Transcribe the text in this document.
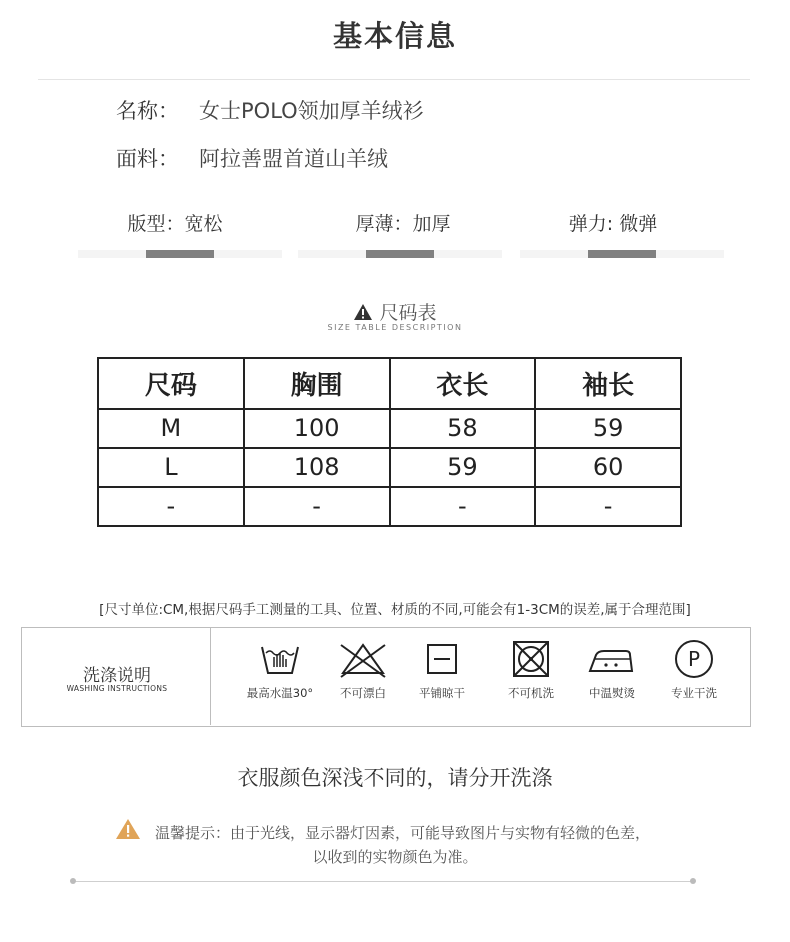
基本信息
名称： 女士POLO领加厚羊绒衫
面料： 阿拉善盟首道山羊绒
版型：宽松	厚薄：加厚	弹力: 微弹
尺码表
SIZE TABLE DESCRIPTION
尺码	胸围	衣长	袖长
M	100	58	59
L	108	59	60
-	-	-	-
[尺寸单位:CM,根据尺码手工测量的工具、位置、材质的不同,可能会有1-3CM的误差,属于合理范围]
洗涤说明
WASHING INSTRUCTIONS	最高水温30°	不可漂白	平铺晾干	不可机洗	中温熨烫
P
专业干洗
衣服颜色深浅不同的，请分开洗涤
温馨提示：由于光线，显示器灯因素，可能导致图片与实物有轻微的色差，
以收到的实物颜色为准。
